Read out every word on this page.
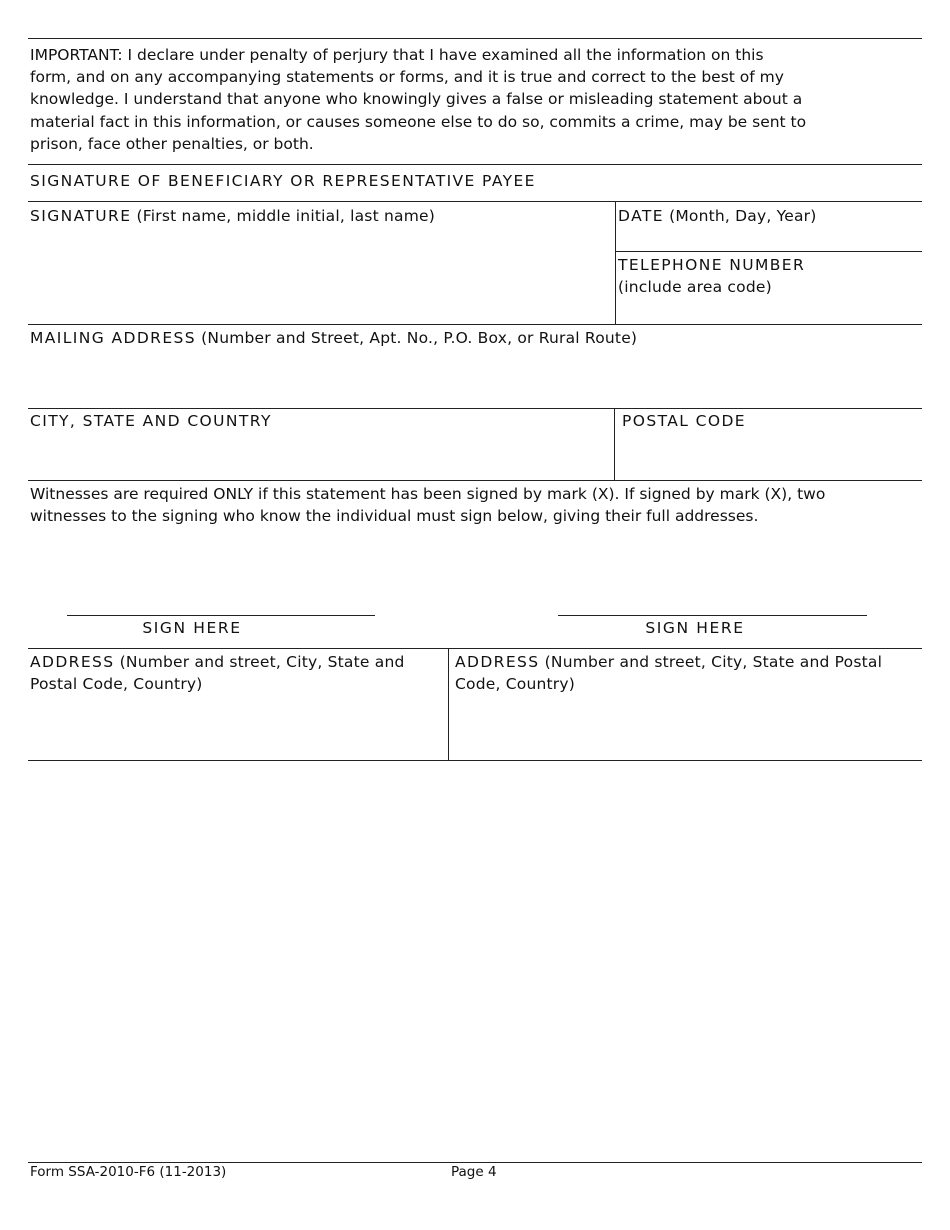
IMPORTANT: I declare under penalty of perjury that I have examined all the information on this
form, and on any accompanying statements or forms, and it is true and correct to the best of my
knowledge. I understand that anyone who knowingly gives a false or misleading statement about a
material fact in this information, or causes someone else to do so, commits a crime, may be sent to
prison, face other penalties, or both.
SIGNATURE OF BENEFICIARY OR REPRESENTATIVE PAYEE
SIGNATURE (First name, middle initial, last name)	DATE (Month, Day, Year)
TELEPHONE NUMBER
(include area code)
MAILING ADDRESS (Number and Street, Apt. No., P.O. Box, or Rural Route)
CITY, STATE AND COUNTRY	POSTAL CODE
Witnesses are required ONLY if this statement has been signed by mark (X). If signed by mark (X), two
witnesses to the signing who know the individual must sign below, giving their full addresses.
SIGN HERE	SIGN HERE
ADDRESS (Number and street, City, State and
Postal Code, Country)
ADDRESS (Number and street, City, State and Postal
Code, Country)
Form SSA-2010-F6 (11-2013)	Page 4
